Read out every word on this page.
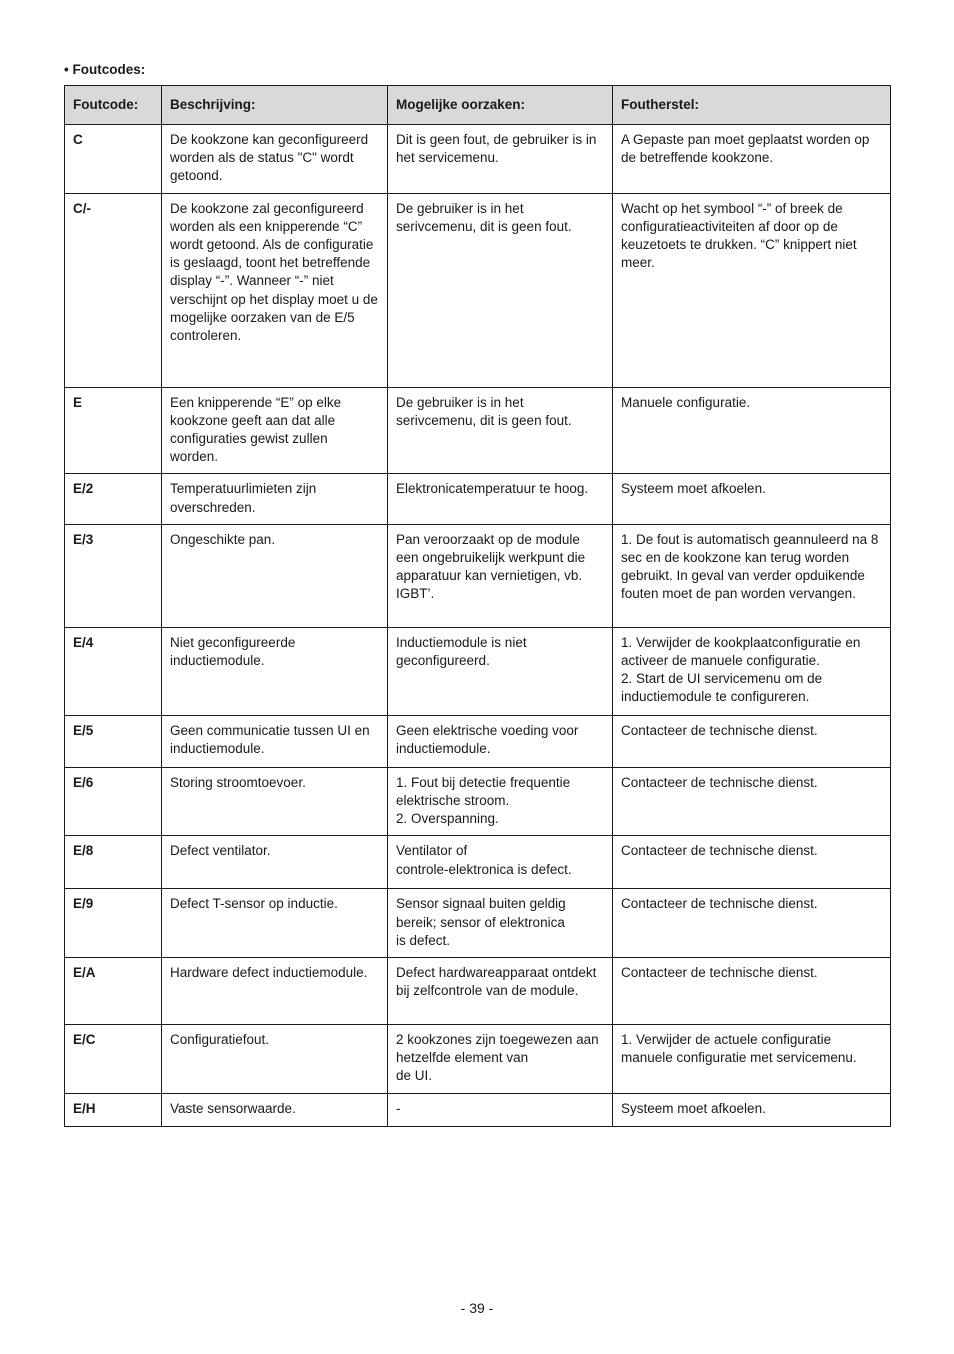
• Foutcodes:
Foutcode:	Beschrijving:	Mogelijke oorzaken:	Foutherstel:
C	De kookzone kan geconfigureerd worden als de status "C" wordt getoond.	Dit is geen fout, de gebruiker is in het servicemenu.	A Gepaste pan moet geplaatst worden op de betreffende kookzone.
C/-	De kookzone zal geconfigureerd worden als een knipperende “C” wordt getoond. Als de configuratie is geslaagd, toont het betreffende display “-”. Wanneer “-” niet verschijnt op het display moet u de mogelijke oorzaken van de E/5 controleren.	De gebruiker is in het serivcemenu, dit is geen fout.	Wacht op het symbool “-” of breek de configuratieactiviteiten af door op de keuzetoets te drukken. “C” knippert niet meer.
E	Een knipperende “E” op elke kookzone geeft aan dat alle configuraties gewist zullen worden.	De gebruiker is in het serivcemenu, dit is geen fout.	Manuele configuratie.
E/2	Temperatuurlimieten zijn overschreden.	Elektronicatemperatuur te hoog.	Systeem moet afkoelen.
E/3	Ongeschikte pan.	Pan veroorzaakt op de module een ongebruikelijk werkpunt die apparatuur kan vernietigen, vb. IGBT’.	1. De fout is automatisch geannuleerd na 8 sec en de kookzone kan terug worden gebruikt. In geval van verder opduikende fouten moet de pan worden vervangen.
E/4	Niet geconfigureerde inductiemodule.	Inductiemodule is niet geconfigureerd.	1. Verwijder de kookplaatconfiguratie en activeer de manuele configuratie.
2. Start de UI servicemenu om de inductiemodule te configureren.
E/5	Geen communicatie tussen UI en inductiemodule.	Geen elektrische voeding voor inductiemodule.	Contacteer de technische dienst.
E/6	Storing stroomtoevoer.	1. Fout bij detectie frequentie elektrische stroom.
2. Overspanning.	Contacteer de technische dienst.
E/8	Defect ventilator.	Ventilator of
controle-elektronica is defect.	Contacteer de technische dienst.
E/9	Defect T-sensor op inductie.	Sensor signaal buiten geldig bereik; sensor of elektronica
is defect.	Contacteer de technische dienst.
E/A	Hardware defect inductiemodule.	Defect hardwareapparaat ontdekt bij zelfcontrole van de module.	Contacteer de technische dienst.
E/C	Configuratiefout.	2 kookzones zijn toegewezen aan hetzelfde element van
de UI.	1. Verwijder de actuele configuratie manuele configuratie met servicemenu.
E/H	Vaste sensorwaarde.	-	Systeem moet afkoelen.
- 39 -
